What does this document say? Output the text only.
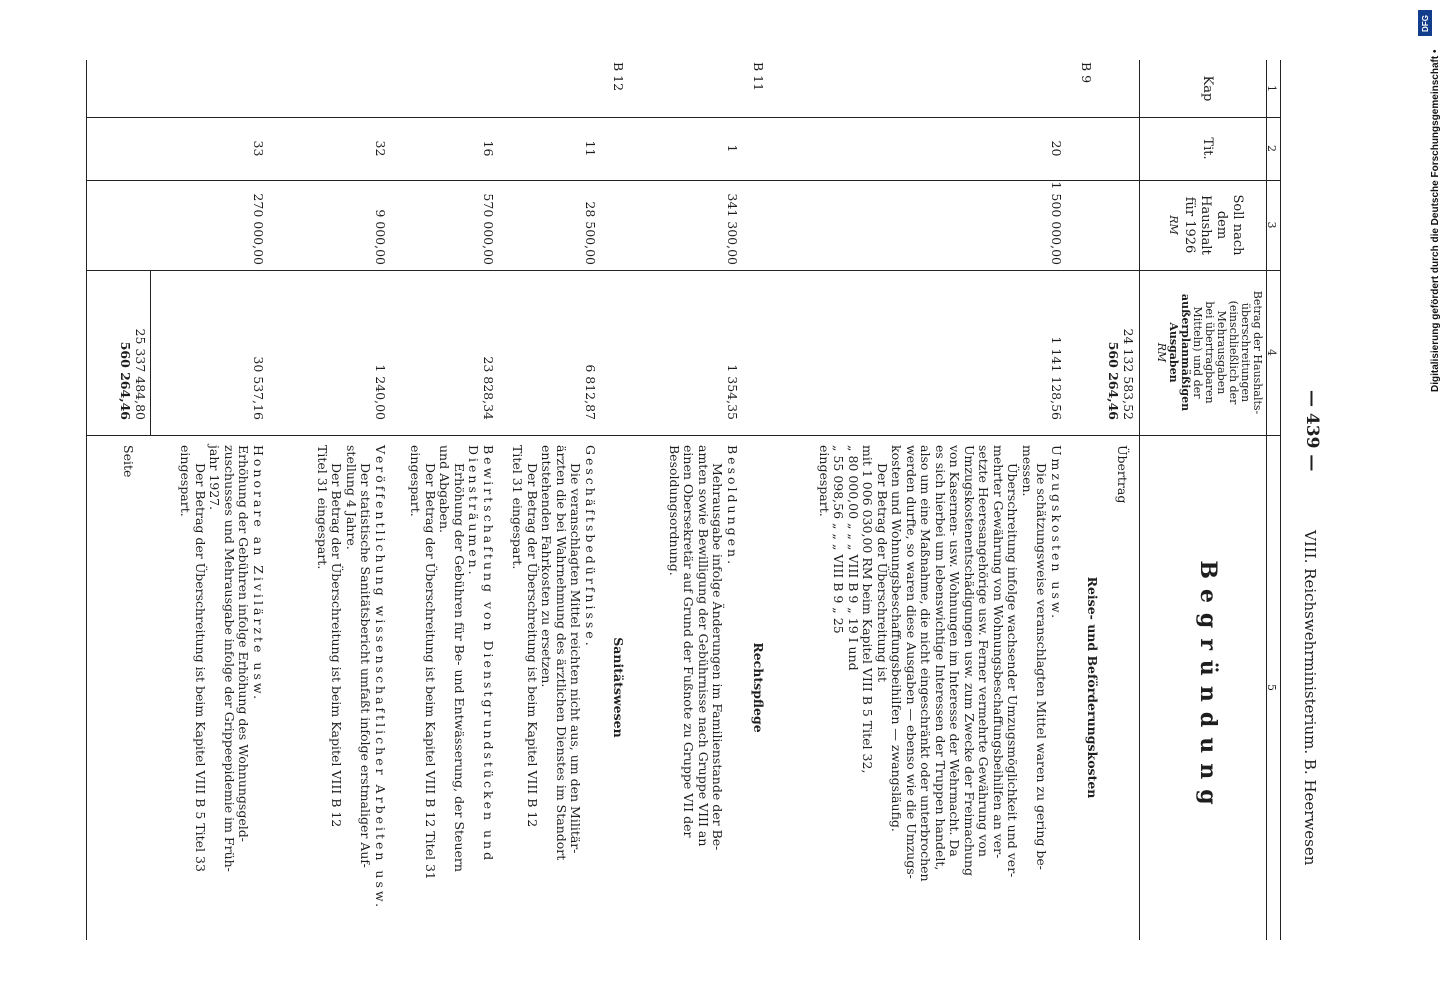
— 439 —
VIII. Reichswehrministerium. B. Heerwesen
1
2
3
4
5
Kap
Tit.
Soll nach dem Haushalt für 1926
RM
Betrag der Haushalts-
überschreitungen
(einschließlich der
Mehrausgaben
bei übertragbaren
Mitteln) und der
außerplanmäßigen Ausgaben
RM
Begründung
24 132 583,52
560 264,46
Übertrag
B 9
Reise- und Beförderungskosten
20
1 500 000,00
1 141 128,56
Umzugskosten usw.
Die schätzungsweise veranschlagten Mittel waren zu gering be-
messen.
Überschreitung infolge wachsender Umzugsmöglichkeit und ver-
mehrter Gewährung von Wohnungsbeschaffungsbeihilfen an ver-
setzte Heeresangehörige usw. Ferner vermehrte Gewährung von
Umzugskostenentschädigungen usw. zum Zwecke der Freimachung
von Kasernen- usw. Wohnungen im Interesse der Wehrmacht. Da
es sich hierbei um lebenswichtige Interessen der Truppen handelt,
also um eine Maßnahme, die nicht eingeschränkt oder unterbrochen
werden durfte, so waren diese Ausgaben — ebenso wie die Umzugs-
kosten und Wohnungsbeschaffungsbeihilfen — zwangsläufig.
Der Betrag der Überschreitung ist
mit 1 006 030,00 RM beim Kapitel VIII B 5 Titel 32,
„ 80 000,00 „ „ „ VIII B 9 „ 19 I und
„ 55 098,56 „ „ „ VIII B 9 „ 25
eingespart.
B 11
Rechtspflege
1
341 300,00
1 354,35
Besoldungen.
Mehrausgabe infolge Änderungen im Familienstande der Be-
amten sowie Bewilligung der Gebührnisse nach Gruppe VIII an
einen Obersekretär auf Grund der Fußnote zu Gruppe VII der
Besoldungsordnung.
B 12
Sanitätswesen
11
28 500,00
6 812,87
Geschäftsbedürfnisse.
Die veranschlagten Mittel reichten nicht aus, um den Militär-
ärzten die bei Wahrnehmung des ärztlichen Dienstes im Standort
entstehenden Fahrkosten zu ersetzen.
Der Betrag der Überschreitung ist beim Kapitel VIII B 12
Titel 31 eingespart.
16
570 000,00
23 828,34
Bewirtschaftung von Dienstgrundstücken und Diensträumen.
Erhöhung der Gebühren für Be- und Entwässerung, der Steuern
und Abgaben.
Der Betrag der Überschreitung ist beim Kapitel VIII B 12 Titel 31
eingespart.
32
9 000,00
1 240,00
Veröffentlichung wissenschaftlicher Arbeiten usw.
Der statistische Sanitätsbericht umfaßt infolge erstmaliger Auf-
stellung 4 Jahre.
Der Betrag der Überschreitung ist beim Kapitel VIII B 12
Titel 31 eingespart.
33
270 000,00
30 537,16
Honorare an Zivilärzte usw.
Erhöhung der Gebühren infolge Erhöhung des Wohnungsgeld-
zuschusses und Mehrausgabe infolge der Grippeepidemie im Früh-
jahr 1927.
Der Betrag der Überschreitung ist beim Kapitel VIII B 5 Titel 33
eingespart.
25 337 484,80
560 264,46
Seite
DFG
Digitalisierung gefördert durch die Deutsche Forschungsgemeinschaft •
